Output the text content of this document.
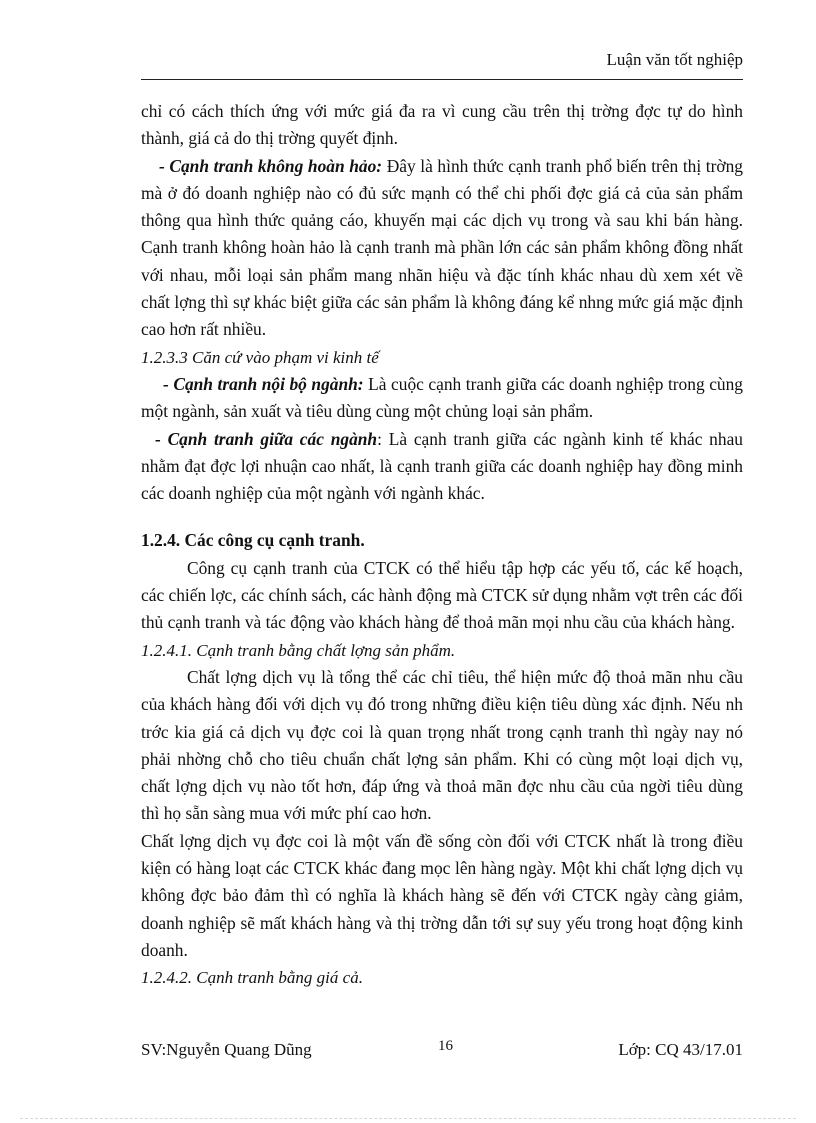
Luận văn tốt nghiệp

chỉ có cách thích ứng với mức giá đa ra vì cung cầu trên thị trờng đợc tự do hình thành, giá cả do thị trờng quyết định.

- Cạnh tranh không hoàn hảo: Đây là hình thức cạnh tranh phổ biến trên thị trờng mà ở đó doanh nghiệp nào có đủ sức mạnh có thể chi phối đợc giá cả của sản phẩm thông qua hình thức quảng cáo, khuyến mại các dịch vụ trong và sau khi bán hàng. Cạnh tranh không hoàn hảo là cạnh tranh mà phần lớn các sản phẩm không đồng nhất với nhau, mỗi loại sản phẩm mang nhãn hiệu và đặc tính khác nhau dù xem xét về chất lợng thì sự khác biệt giữa các sản phẩm là không đáng kể nhng mức giá mặc định cao hơn rất nhiều.

1.2.3.3 Căn cứ vào phạm vi kinh tế

- Cạnh tranh nội bộ ngành: Là cuộc cạnh tranh giữa các doanh nghiệp trong cùng một ngành, sản xuất và tiêu dùng cùng một chủng loại sản phẩm.

- Cạnh tranh giữa các ngành: Là cạnh tranh giữa các ngành kinh tế khác nhau nhằm đạt đợc lợi nhuận cao nhất, là cạnh tranh giữa các doanh nghiệp hay đồng minh các doanh nghiệp của một ngành với ngành khác.

1.2.4. Các công cụ cạnh tranh.

Công cụ cạnh tranh của CTCK có thể hiểu tập hợp các yếu tố, các kế hoạch, các chiến lợc, các chính sách, các hành động mà CTCK sử dụng nhằm vợt trên các đối thủ cạnh tranh và tác động vào khách hàng để thoả mãn mọi nhu cầu của khách hàng.

1.2.4.1. Cạnh tranh bằng chất lợng sản phẩm.

Chất lợng dịch vụ là tổng thể các chỉ tiêu, thể hiện mức độ thoả mãn nhu cầu của khách hàng đối với dịch vụ đó trong những điều kiện tiêu dùng xác định. Nếu nh trớc kia giá cả dịch vụ đợc coi là quan trọng nhất trong cạnh tranh thì ngày nay nó phải nhờng chỗ cho tiêu chuẩn chất lợng sản phẩm. Khi có cùng một loại dịch vụ, chất lợng dịch vụ nào tốt hơn, đáp ứng và thoả mãn đợc nhu cầu của ngời tiêu dùng thì họ sẵn sàng mua với mức phí cao hơn.

Chất lợng dịch vụ đợc coi là một vấn đề sống còn đối với CTCK nhất là trong điều kiện có hàng loạt các CTCK khác đang mọc lên hàng ngày. Một khi chất lợng dịch vụ không đợc bảo đảm thì có nghĩa là khách hàng sẽ đến với CTCK ngày càng giảm, doanh nghiệp sẽ mất khách hàng và thị trờng dẫn tới sự suy yếu trong hoạt động kinh doanh.

1.2.4.2. Cạnh tranh bằng giá cả.

SV:Nguyễn Quang Dũng	16	Lớp: CQ 43/17.01
